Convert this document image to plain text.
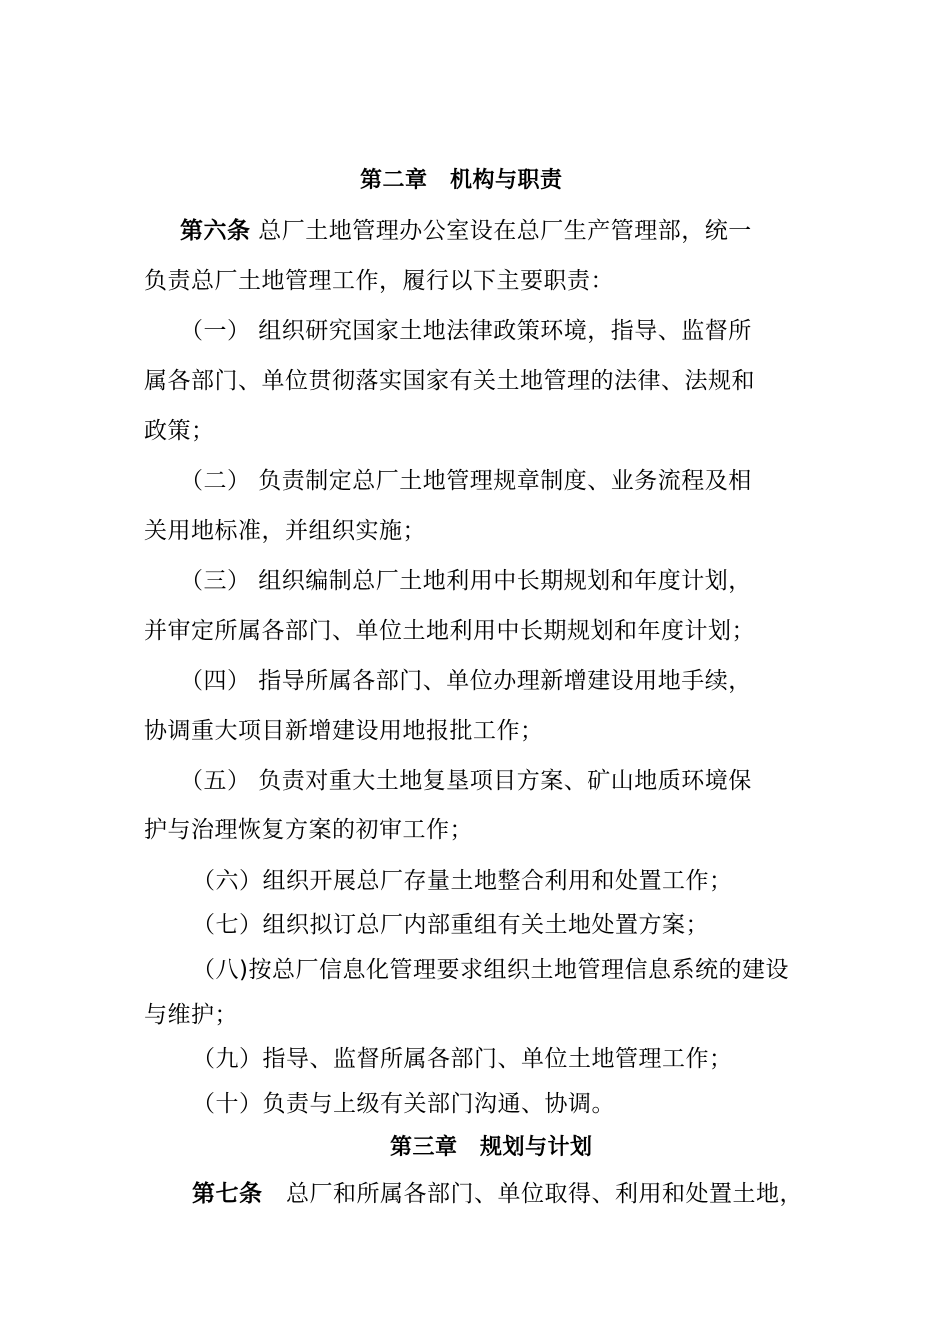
第二章　机构与职责
第六条 总厂土地管理办公室设在总厂生产管理部，统一
负责总厂土地管理工作，履行以下主要职责：
（一） 组织研究国家土地法律政策环境，指导、监督所
属各部门、单位贯彻落实国家有关土地管理的法律、法规和
政策；
（二） 负责制定总厂土地管理规章制度、业务流程及相
关用地标准，并组织实施；
（三） 组织编制总厂土地利用中长期规划和年度计划，
并审定所属各部门、单位土地利用中长期规划和年度计划；
（四） 指导所属各部门、单位办理新增建设用地手续，
协调重大项目新增建设用地报批工作；
（五） 负责对重大土地复垦项目方案、矿山地质环境保
护与治理恢复方案的初审工作；
（六）组织开展总厂存量土地整合利用和处置工作；
（七）组织拟订总厂内部重组有关土地处置方案；
（八)按总厂信息化管理要求组织土地管理信息系统的建设
与维护；
（九）指导、监督所属各部门、单位土地管理工作；
（十）负责与上级有关部门沟通、协调。
第三章　规划与计划
第七条　总厂和所属各部门、单位取得、利用和处置土地，
